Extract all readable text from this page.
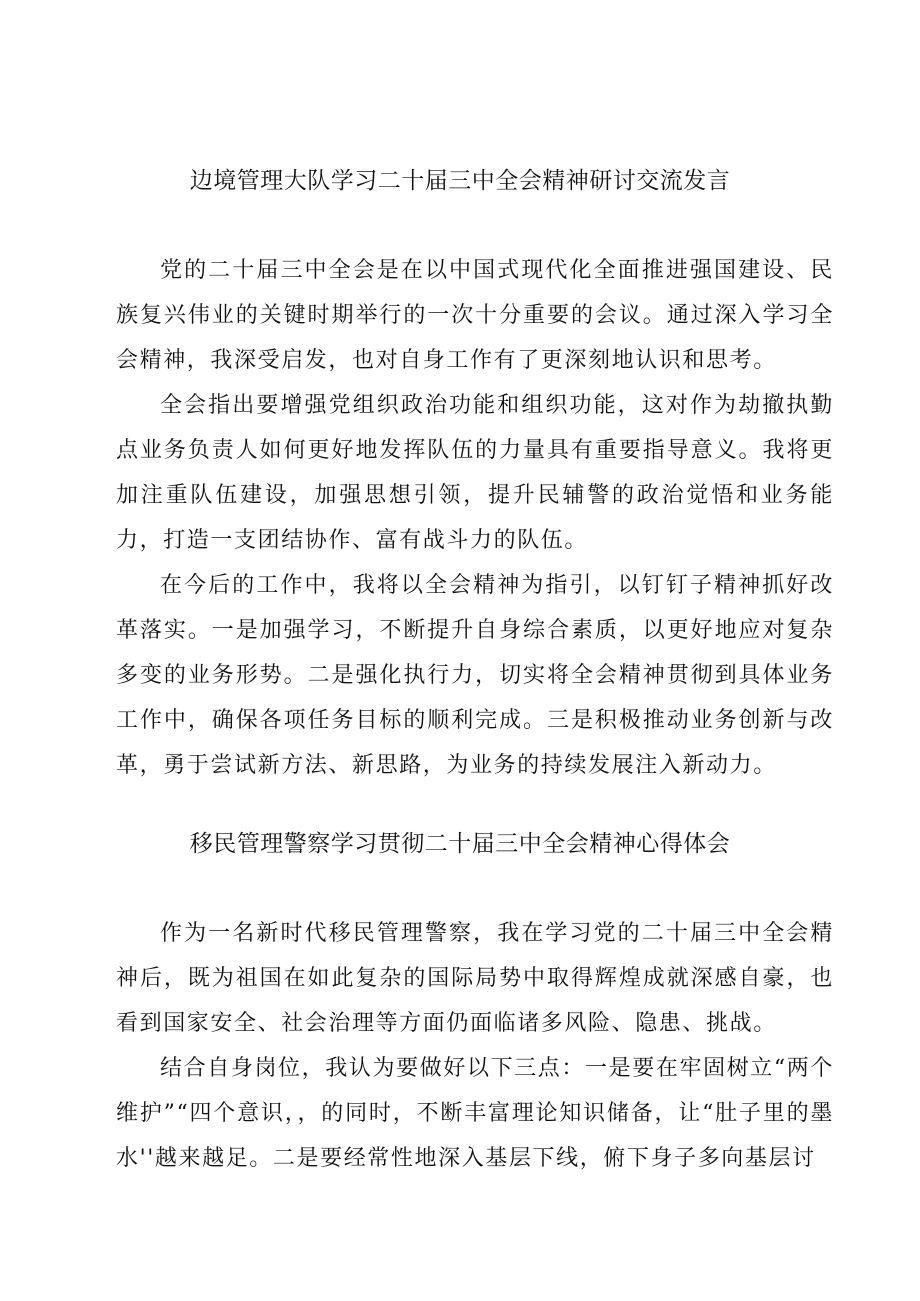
边境管理大队学习二十届三中全会精神研讨交流发言

党的二十届三中全会是在以中国式现代化全面推进强国建设、民族复兴伟业的关键时期举行的一次十分重要的会议。通过深入学习全会精神，我深受启发，也对自身工作有了更深刻地认识和思考。

全会指出要增强党组织政治功能和组织功能，这对作为劫撤执勤点业务负责人如何更好地发挥队伍的力量具有重要指导意义。我将更加注重队伍建设，加强思想引领，提升民辅警的政治觉悟和业务能力，打造一支团结协作、富有战斗力的队伍。

在今后的工作中，我将以全会精神为指引，以钉钉子精神抓好改革落实。一是加强学习，不断提升自身综合素质，以更好地应对复杂多变的业务形势。二是强化执行力，切实将全会精神贯彻到具体业务工作中，确保各项任务目标的顺利完成。三是积极推动业务创新与改革，勇于尝试新方法、新思路，为业务的持续发展注入新动力。

移民管理警察学习贯彻二十届三中全会精神心得体会

作为一名新时代移民管理警察，我在学习党的二十届三中全会精神后，既为祖国在如此复杂的国际局势中取得辉煌成就深感自豪，也看到国家安全、社会治理等方面仍面临诸多风险、隐患、挑战。

结合自身岗位，我认为要做好以下三点：一是要在牢固树立“两个维护”“四个意识，，的同时，不断丰富理论知识储备，让“肚子里的墨水''越来越足。二是要经常性地深入基层下线，俯下身子多向基层讨
